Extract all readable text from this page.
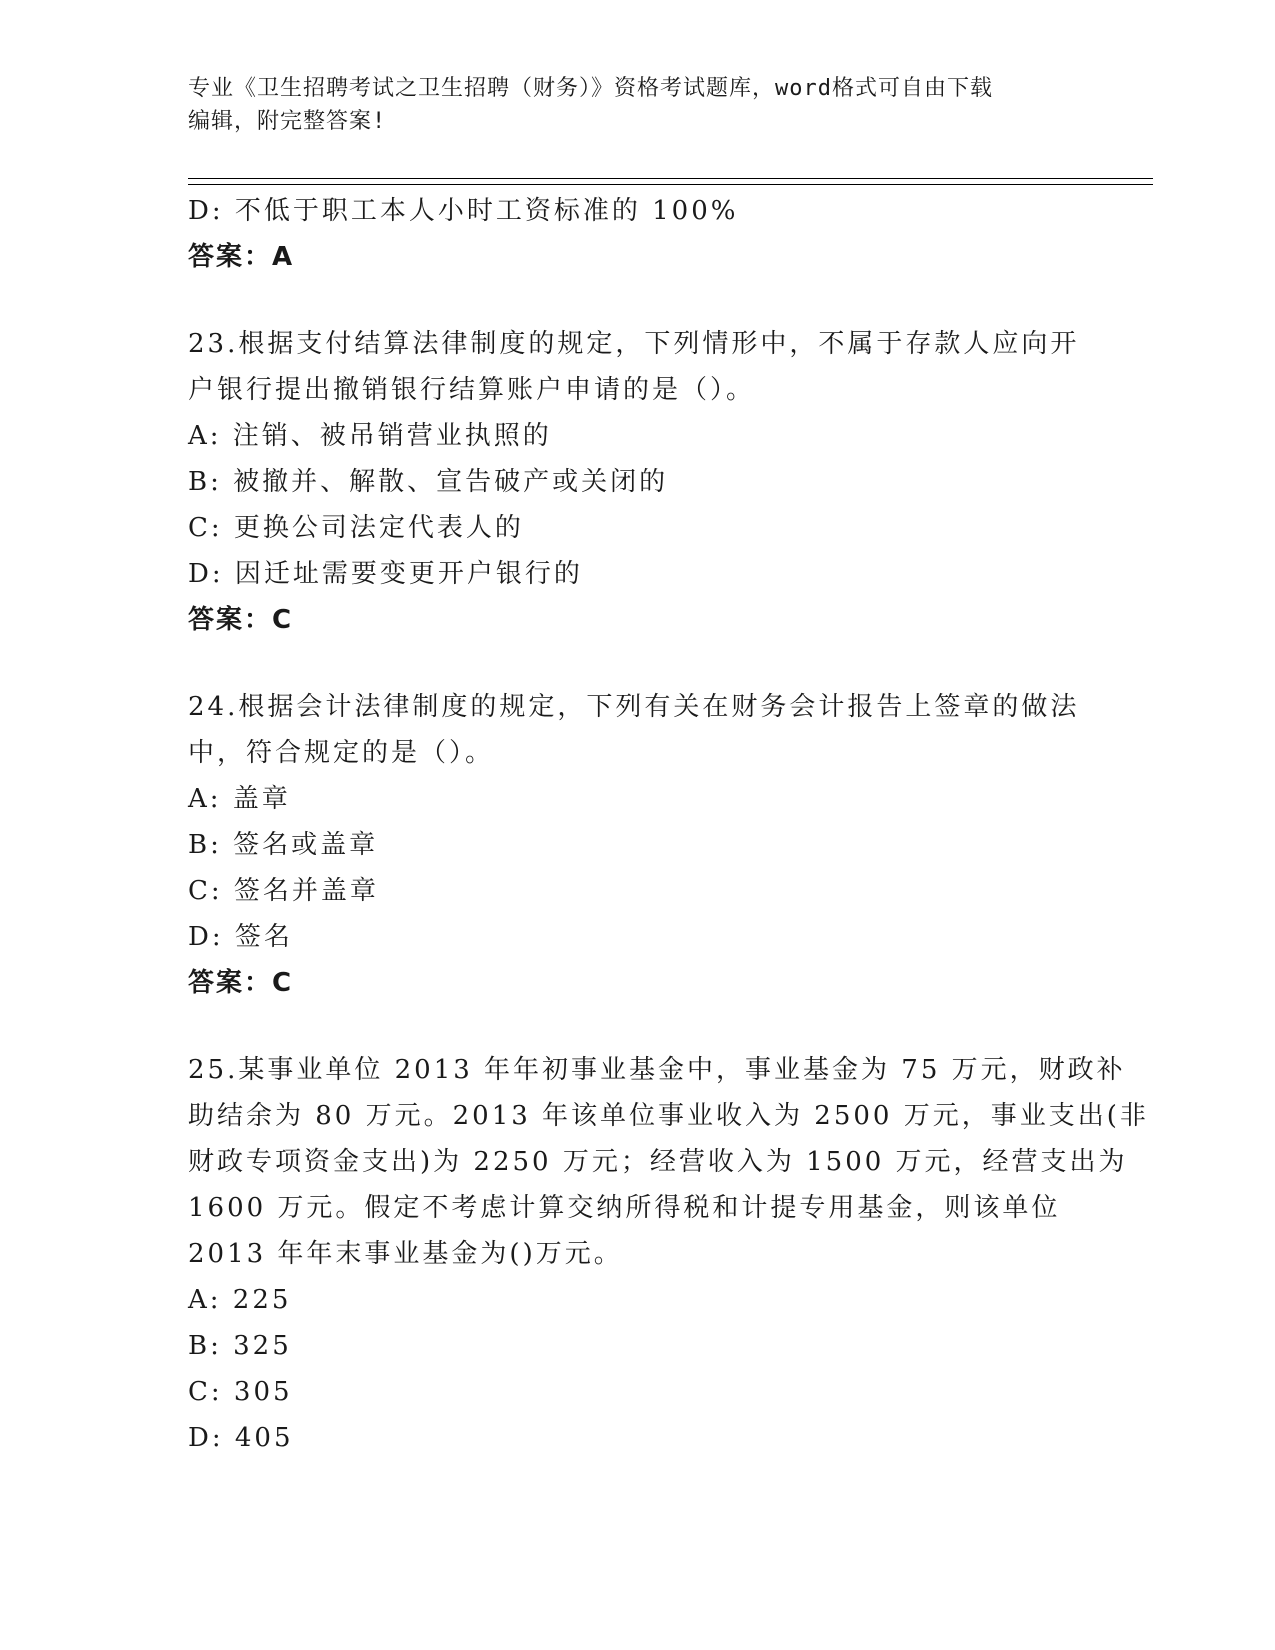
专业《卫生招聘考试之卫生招聘（财务）》资格考试题库，word格式可自由下载
编辑，附完整答案!
D: 不低于职工本人小时工资标准的 100%
答案：A
23.根据支付结算法律制度的规定，下列情形中，不属于存款人应向开
户银行提出撤销银行结算账户申请的是（）。
A: 注销、被吊销营业执照的
B: 被撤并、解散、宣告破产或关闭的
C: 更换公司法定代表人的
D: 因迁址需要变更开户银行的
答案：C
24.根据会计法律制度的规定，下列有关在财务会计报告上签章的做法
中，符合规定的是（）。
A: 盖章
B: 签名或盖章
C: 签名并盖章
D: 签名
答案：C
25.某事业单位 2013 年年初事业基金中，事业基金为 75 万元，财政补
助结余为 80 万元。2013 年该单位事业收入为 2500 万元，事业支出(非
财政专项资金支出)为 2250 万元；经营收入为 1500 万元，经营支出为
1600 万元。假定不考虑计算交纳所得税和计提专用基金，则该单位
2013 年年末事业基金为()万元。
A: 225
B: 325
C: 305
D: 405
